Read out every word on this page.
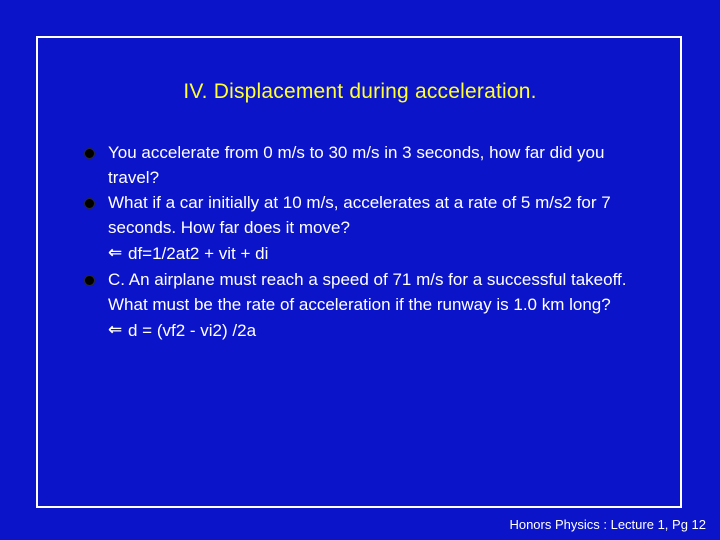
IV. Displacement during acceleration.
You accelerate from 0 m/s to 30 m/s in 3 seconds, how far did you travel?
What if a car initially at 10 m/s, accelerates at a rate of 5 m/s2 for 7 seconds. How far does it move?
⇐ df=1/2at2 + vit + di
C. An airplane must reach a speed of 71 m/s for a successful takeoff. What must be the rate of acceleration if the runway is 1.0 km long?
⇐ d = (vf2 - vi2) /2a
Honors Physics : Lecture 1, Pg 12
